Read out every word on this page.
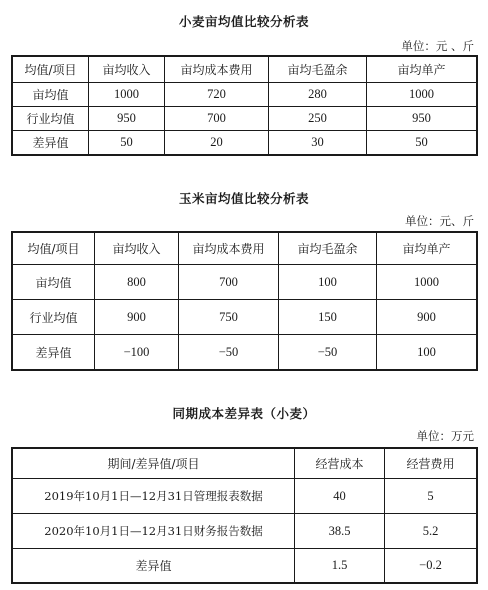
小麦亩均值比较分析表
单位：元 、斤
均值/项目	亩均收入	亩均成本费用	亩均毛盈余	亩均单产
亩均值	1000	720	280	1000
行业均值	950	700	250	950
差异值	50	20	30	50
玉米亩均值比较分析表
单位：元、斤
均值/项目	亩均收入	亩均成本费用	亩均毛盈余	亩均单产
亩均值	800	700	100	1000
行业均值	900	750	150	900
差异值	−100	−50	−50	100
同期成本差异表（小麦）
单位：万元
期间/差异值/项目	经营成本	经营费用
2019年10月1日—12月31日管理报表数据	40	5
2020年10月1日—12月31日财务报告数据	38.5	5.2
差异值	1.5	−0.2
